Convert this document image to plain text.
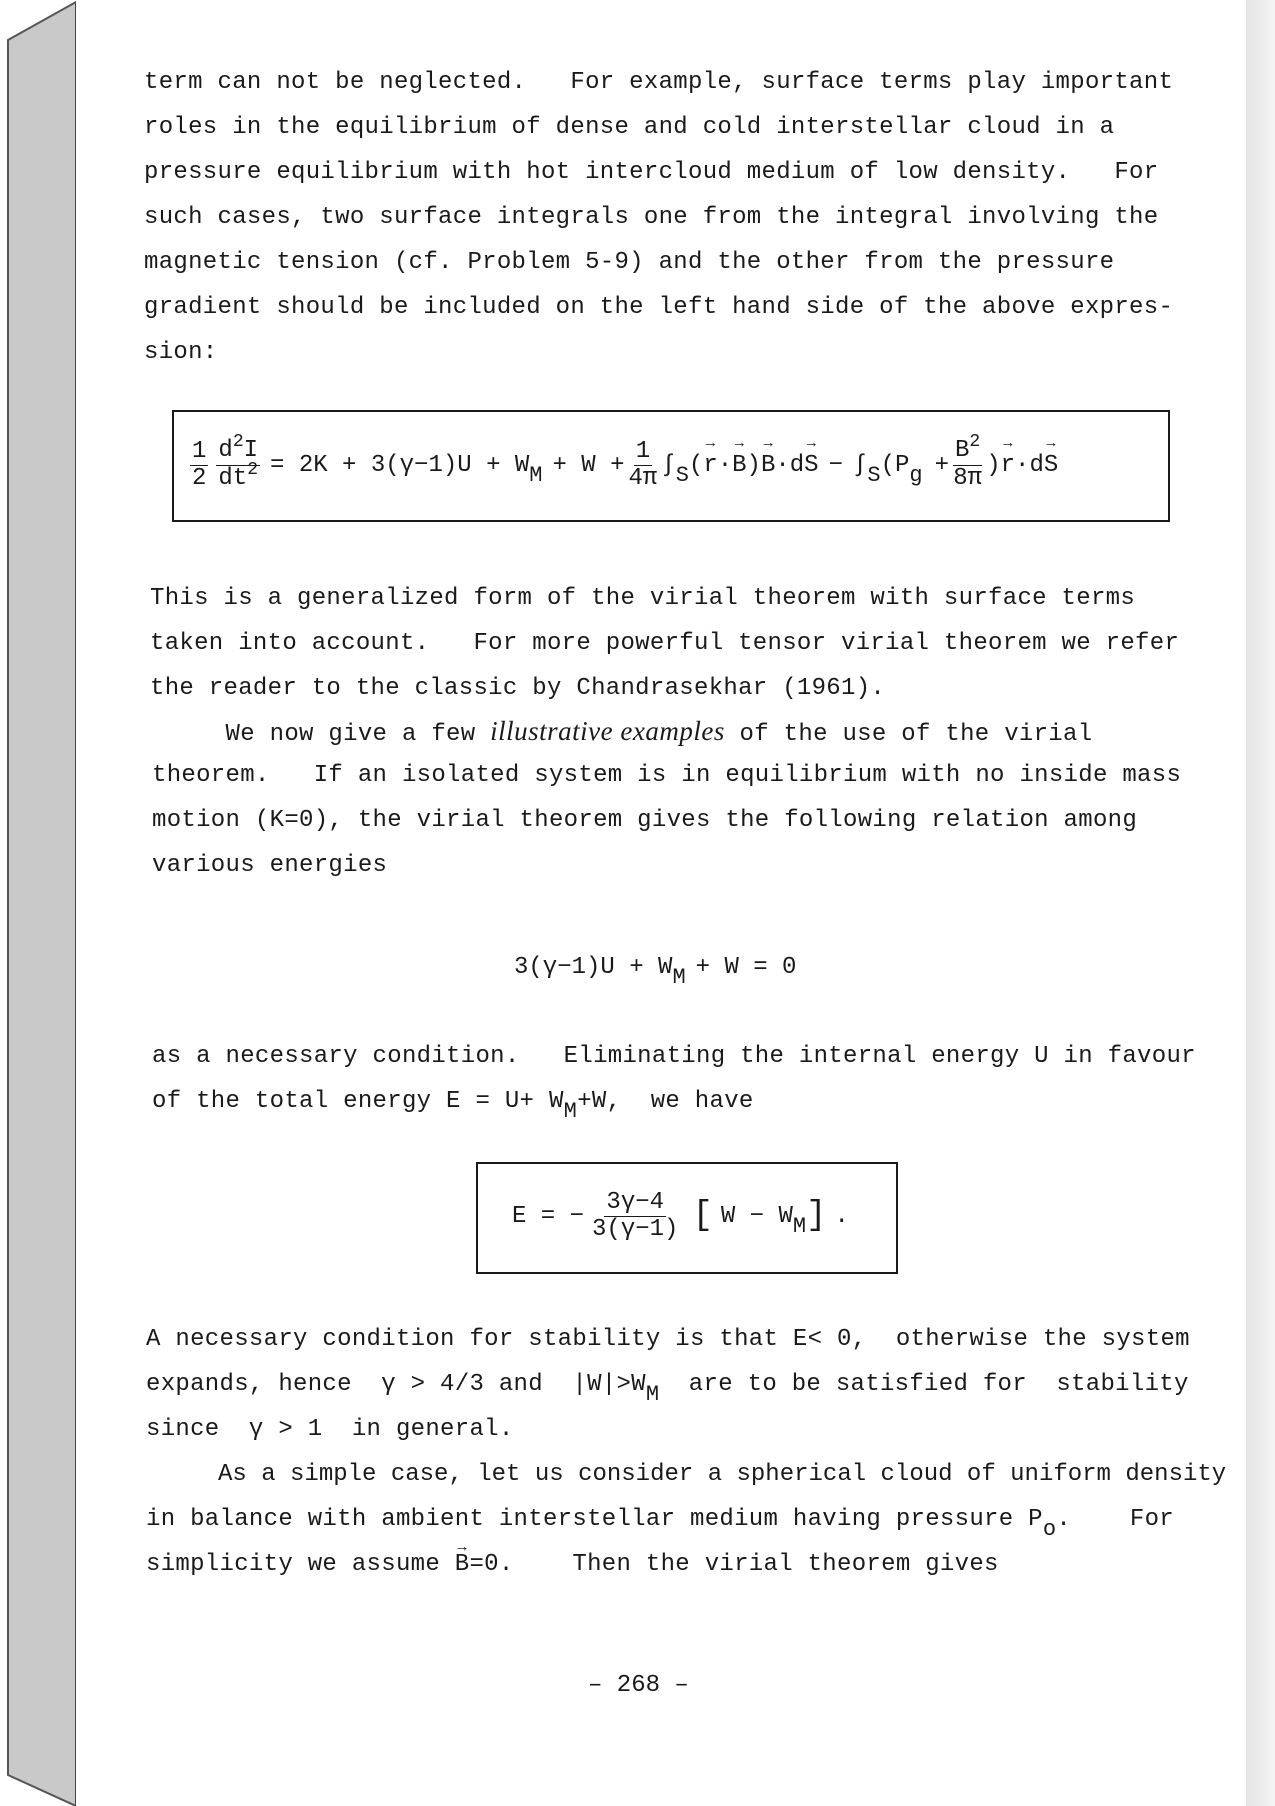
term can not be neglected.   For example, surface terms play important
roles in the equilibrium of dense and cold interstellar cloud in a
pressure equilibrium with hot intercloud medium of low density.   For
such cases, two surface integrals one from the integral involving the
magnetic tension (cf. Problem 5-9) and the other from the pressure
gradient should be included on the left hand side of the above expres-
sion:
$\frac{1}{2} \frac{d^2I}{dt^2} = 2K + 3(\gamma-1)U + W$ $M + W + \frac{1}{4\pi}$ ∫ S ( → r · → B ) → B ·d → S − ∫ S (P $g + \frac{B^2}{8\pi}$ ) → r ·d → S
This is a generalized form of the virial theorem with surface terms
taken into account.   For more powerful tensor virial theorem we refer
the reader to the classic by Chandrasekhar (1961).
We now give a few illustrative examples of the use of the virial
theorem.   If an isolated system is in equilibrium with no inside mass
motion (K=0), the virial theorem gives the following relation among
various energies
3(γ−1)U + W M + W = 0
as a necessary condition.   Eliminating the internal energy U in favour
of the total energy E = U+ WM+W,  we have
E = − $\frac{3\gamma-4}{3(\gamma-1)}$ [ W − W M ] .
A necessary condition for stability is that E< 0,  otherwise the system
expands, hence  γ > 4/3 and  |W|>WM  are to be satisfied for  stability
since  γ > 1  in general.
As a simple case, let us consider a spherical cloud of uniform density
in balance with ambient interstellar medium having pressure Po.    For
simplicity we assume → B=0.    Then the virial theorem gives
– 268 –
